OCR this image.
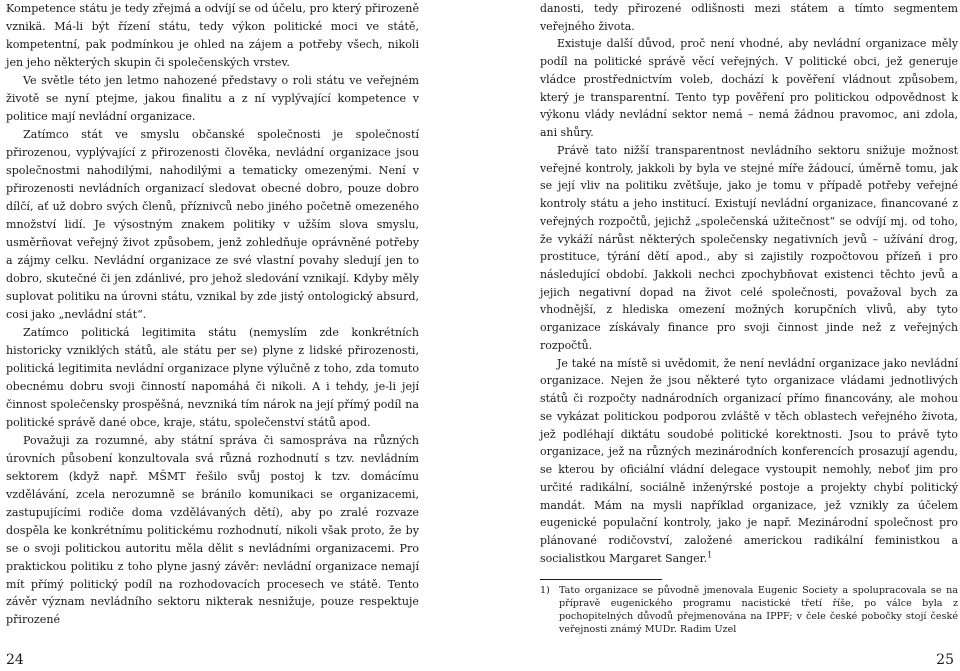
Kompetence státu je tedy zřejmá a odvíjí se od účelu, pro který přirozeně vznikä. Má-li být řízení státu, tedy výkon politické moci ve státě, kompetentní, pak podmínkou je ohled na zájem a potřeby všech, nikoli jen jeho některých skupin či společenských vrstev.

Ve světle této jen letmo nahozené představy o roli státu ve veřejném životě se nyní ptejme, jakou finalitu a z ní vyplývající kompetence v politice mají nevládní organizace.

Zatímco stát ve smyslu občanské společnosti je společností přirozenou, vyplývající z přirozenosti člověka, nevládní organizace jsou společnostmi nahodilými, nahodilými a tematicky omezenými. Není v přirozenosti nevládních organizací sledovat obecné dobro, pouze dobro dílčí, ať už dobro svých členů, příznivců nebo jiného početně omezeného množství lidí. Je výsostným znakem politiky v užším slova smyslu, usměrňovat veřejný život způsobem, jenž zohledňuje oprávněné potřeby a zájmy celku. Nevládní organizace ze své vlastní povahy sledují jen to dobro, skutečné či jen zdánlivé, pro jehož sledování vznikají. Kdyby měly suplovat politiku na úrovni státu, vznikal by zde jistý ontologický absurd, cosi jako „nevládní stát“.

Zatímco politická legitimita státu (nemyslím zde konkrétních historicky vzniklých států, ale státu per se) plyne z lidské přirozenosti, politická legitimita nevládní organizace plyne výlučně z toho, zda tomuto obecnému dobru svoji činností napomáhá či nikoli. A i tehdy, je-li její činnost společensky prospěšná, nevzniká tím nárok na její přímý podíl na politické správě dané obce, kraje, státu, společenství států apod.

Považuji za rozumné, aby státní správa či samospráva na různých úrovních působení konzultovala svá různá rozhodnutí s tzv. nevládním sektorem (když např. MŠMT řešilo svůj postoj k tzv. domácímu vzdělávání, zcela nerozumně se bránilo komunikaci se organizacemi, zastupujícími rodiče doma vzdělávaných dětí), aby po zralé rozvaze dospěla ke konkrétnímu politickému rozhodnutí, nikoli však proto, že by se o svoji politickou autoritu měla dělit s nevládními organizacemi. Pro praktickou politiku z toho plyne jasný závěr: nevládní organizace nemají mít přímý politický podíl na rozhodovacích procesech ve státě. Tento závěr význam nevládního sektoru nikterak nesnižuje, pouze respektuje přirozené

danosti, tedy přirozené odlišnosti mezi státem a tímto segmentem veřejného života.

Existuje další důvod, proč není vhodné, aby nevládní organizace měly podíl na politické správě věcí veřejných. V politické obci, jež generuje vládce prostřednictvím voleb, dochází k pověření vládnout způsobem, který je transparentní. Tento typ pověření pro politickou odpovědnost k výkonu vlády nevládní sektor nemá – nemá žádnou pravomoc, ani zdola, ani shůry.

Právě tato nižší transparentnost nevládního sektoru snižuje možnost veřejné kontroly, jakkoli by byla ve stejné míře žádoucí, úměrně tomu, jak se její vliv na politiku zvětšuje, jako je tomu v případě potřeby veřejné kontroly státu a jeho institucí. Existují nevládní organizace, financované z veřejných rozpočtů, jejichž „společenská užitečnost“ se odvíjí mj. od toho, že vykáží nárůst některých společensky negativních jevů – užívání drog, prostituce, týrání dětí apod., aby si zajistily rozpočtovou přízeň i pro následující období. Jakkoli nechci zpochybňovat existenci těchto jevů a jejich negativní dopad na život celé společnosti, považoval bych za vhodnější, z hlediska omezení možných korupčních vlivů, aby tyto organizace získávaly finance pro svoji činnost jinde než z veřejných rozpočtů.

Je také na místě si uvědomit, že není nevládní organizace jako nevládní organizace. Nejen že jsou některé tyto organizace vládami jednotlivých států či rozpočty nadnárodních organizací přímo financovány, ale mohou se vykázat politickou podporou zvláště v těch oblastech veřejného života, jež podléhají diktátu soudobé politické korektnosti. Jsou to právě tyto organizace, jež na různých mezinárodních konferencích prosazují agendu, se kterou by oficiální vládní delegace vystoupit nemohly, neboť jim pro určité radikální, sociálně inženýrské postoje a projekty chybí politický mandát. Mám na mysli například organizace, jež vznikly za účelem eugenické populační kontroly, jako je např. Mezinárodní společnost pro plánované rodičovství, založené americkou radikální feministkou a socialistkou Margaret Sanger.$^1$

1) Tato organizace se původně jmenovala Eugenic Society a spolupracovala se na přípravě eugenického programu nacistické třetí říše, po válce byla z pochopitelných důvodů přejmenována na IPPF; v čele české pobočky stojí české veřejnosti známý MUDr. Radim Uzel

24	25
